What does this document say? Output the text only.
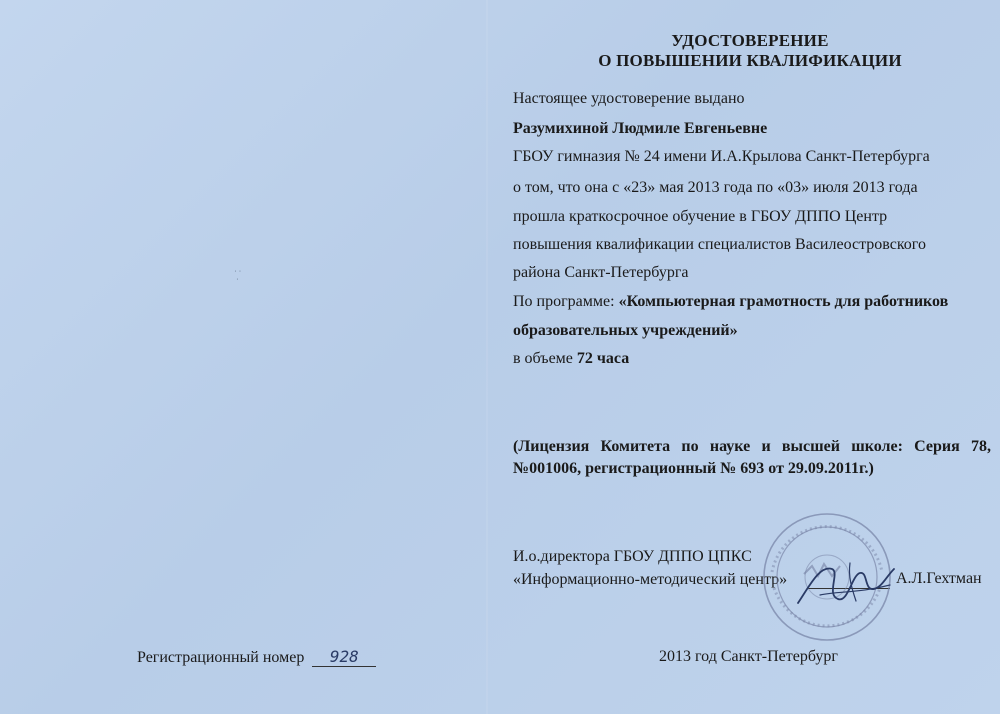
˙ ˙
˙
УДОСТОВЕРЕНИЕ
О ПОВЫШЕНИИ КВАЛИФИКАЦИИ
Настоящее удостоверение выдано
Разумихиной Людмиле Евгеньевне
ГБОУ гимназия № 24 имени И.А.Крылова Санкт-Петербурга
о том, что она с «23» мая 2013 года по «03» июля 2013 года
прошла краткосрочное обучение в ГБОУ ДППО Центр
повышения квалификации специалистов Василеостровского
района Санкт-Петербурга
По программе: «Компьютерная грамотность для работников
образовательных учреждений»
в объеме 72 часа
(Лицензия Комитета по науке и высшей школе: Серия 78,
№001006, регистрационный № 693 от 29.09.2011г.)
И.о.директора ГБОУ ДППО ЦПКС
«Информационно-методический центр»	А.Л.Гехтман
Регистрационный номер 928	2013 год Санкт-Петербург
